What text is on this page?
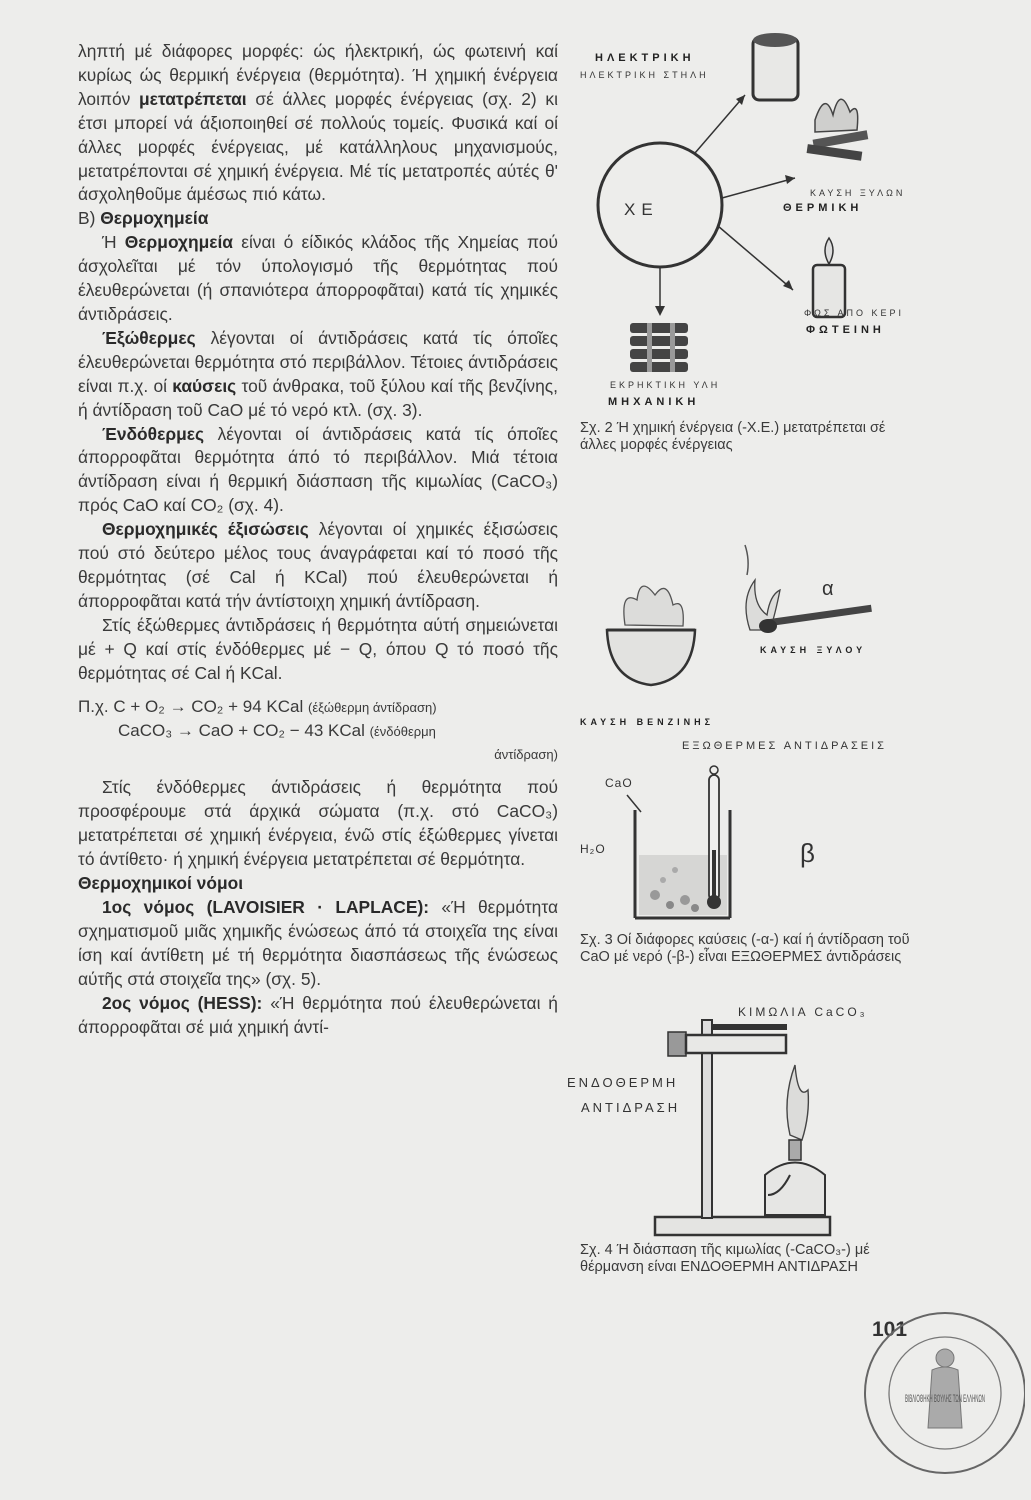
ληπτή μέ διάφορες μορφές: ώς ήλεκτρική, ώς φωτεινή καί κυρίως ώς θερμική ένέργεια (θερμότητα). Ή χημική ένέργεια λοιπόν μετατρέπεται σέ άλλες μορφές ένέργειας (σχ. 2) κι έτσι μπορεί νά άξιοποιηθεί σέ πολλούς τομείς. Φυσικά καί οί άλλες μορφές ένέργειας, μέ κατάλληλους μηχανισμούς, μετατρέπονται σέ χημική ένέργεια. Μέ τίς μετατροπές αύτές θ' άσχοληθοῦμε άμέσως πιό κάτω.

Β) Θερμοχημεία

Ή Θερμοχημεία είναι ό είδικός κλάδος τῆς Χημείας πού άσχολεῖται μέ τόν ύπολογισμό τῆς θερμότητας πού έλευθερώνεται (ή σπανιότερα άπορροφᾶται) κατά τίς χημικές άντιδράσεις.

Έξώθερμες λέγονται οί άντιδράσεις κατά τίς όποῖες έλευθερώνεται θερμότητα στό περιβάλλον. Τέτοιες άντιδράσεις είναι π.χ. οί καύσεις τοῦ άνθρακα, τοῦ ξύλου καί τῆς βενζίνης, ή άντίδραση τοῦ CaO μέ τό νερό κτλ. (σχ. 3).

Ένδόθερμες λέγονται οί άντιδράσεις κατά τίς όποῖες άπορροφᾶται θερμότητα άπό τό περιβάλλον. Μιά τέτοια άντίδραση είναι ή θερμική διάσπαση τῆς κιμωλίας (CaCO₃) πρός CaO καί CO₂ (σχ. 4).

Θερμοχημικές έξισώσεις λέγονται οί χημικές έξισώσεις πού στό δεύτερο μέλος τους άναγράφεται καί τό ποσό τῆς θερμότητας (σέ Cal ή KCal) πού έλευθερώνεται ή άπορροφᾶται κατά τήν άντίστοιχη χημική άντίδραση.

Στίς έξώθερμες άντιδράσεις ή θερμότητα αύτή σημειώνεται μέ + Q καί στίς ένδόθερμες μέ − Q, όπου Q τό ποσό τῆς θερμότητας σέ Cal ή KCal.

Π.χ. C + O₂ → CO₂ + 94 KCal (έξώθερμη άντίδραση)
CaCO₃ → CaO + CO₂ − 43 KCal (ένδόθερμη
άντίδραση)

Στίς ένδόθερμες άντιδράσεις ή θερμότητα πού προσφέρουμε στά άρχικά σώματα (π.χ. στό CaCO₃) μετατρέπεται σέ χημική ένέργεια, ένῶ στίς έξώθερμες γίνεται τό άντίθετο· ή χημική ένέργεια μετατρέπεται σέ θερμότητα.

Θερμοχημικοί νόμοι

1ος νόμος (LAVOISIER · LAPLACE): «Ή θερμότητα σχηματισμοῦ μιᾶς χημικῆς ένώσεως άπό τά στοιχεῖα της είναι ίση καί άντίθετη μέ τή θερμότητα διασπάσεως τῆς ένώσεως αύτῆς στά στοιχεῖα της» (σχ. 5).

2ος νόμος (HESS): «Ή θερμότητα πού έλευθερώνεται ή άπορροφᾶται σέ μιά χημική άντί-

ΧΕ
ΗΛΕΚΤΡΙΚΗ
ΗΛΕΚΤΡΙΚΗ ΣΤΗΛΗ
ΚΑΥΣΗ ΞΥΛΩΝ
ΘΕΡΜΙΚΗ
ΦΩΣ ΑΠΟ ΚΕΡΙ
ΦΩΤΕΙΝΗ
ΕΚΡΗΚΤΙΚΗ ΥΛΗ
ΜΗΧΑΝΙΚΗ
Σχ. 2 Ή χημική ένέργεια (-Χ.Ε.) μετατρέπεται σέ άλλες μορφές ένέργειας
α
ΚΑΥΣΗ ΞΥΛΟΥ
ΚΑΥΣΗ ΒΕΝΖΙΝΗΣ
ΕΞΩΘΕΡΜΕΣ ΑΝΤΙΔΡΑΣΕΙΣ
CaO
H₂O	β
Σχ. 3 Οί διάφορες καύσεις (-α-) καί ή άντίδραση τοῦ CaO μέ νερό (-β-) εἶναι ΕΞΩΘΕΡΜΕΣ άντιδράσεις
ΚΙΜΩΛΙΑ CaCO₃
ΕΝΔΟΘΕΡΜΗ
ΑΝΤΙΔΡΑΣΗ
Σχ. 4 Ή διάσπαση τῆς κιμωλίας (-CaCO₃-) μέ θέρμανση είναι ΕΝΔΟΘΕΡΜΗ ΑΝΤΙΔΡΑΣΗ
101
ΒΙΒΛΙΟΘΗΚΗ ΒΟΥΛΗΣ ΤΩΝ ΕΛΛΗΝΩΝ
